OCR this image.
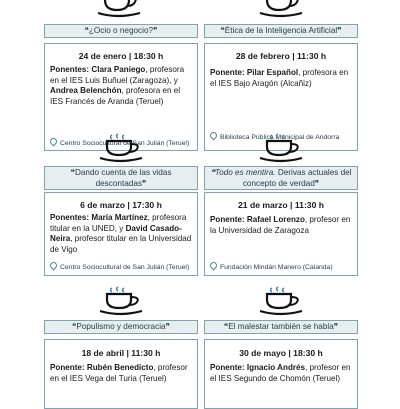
❝¿Ocio o negocio?❞
24 de enero | 18:30 h
Ponentes: Clara Paniego, profesora en el IES Luis Buñuel (Zaragoza), y Andrea Belenchón, profesora en el IES Francés de Aranda (Teruel)
Centro Sociocultural de San Julián (Teruel)
❝Ética de la Inteligencia Artificial❞
28 de febrero | 11:30 h
Ponente: Pilar Español, profesora en el IES Bajo Aragón (Alcañiz)
Biblioteca Pública Municipal de Andorra
❝Dando cuenta de las vidas
descontadas❞
6 de marzo | 17:30 h
Ponentes: María Martínez, profesora titular en la UNED, y David Casado-Neira, profesor titular en la Universidad de Vigo
Centro Sociocultural de San Julián (Teruel)
❝Todo es mentira. Derivas actuales del concepto de verdad❞
21 de marzo | 11:30 h
Ponente: Rafael Lorenzo, profesor en la Universidad de Zaragoza
Fundación Mindán Manero (Calanda)
❝Populismo y democracia❞
18 de abril | 11:30 h
Ponente: Rubén Benedicto, profesor en el IES Vega del Turia (Teruel)
❝El malestar también se habla❞
30 de mayo | 18:30 h
Ponente: Ignacio Andrés, profesor en el IES Segundo de Chomón (Teruel)
